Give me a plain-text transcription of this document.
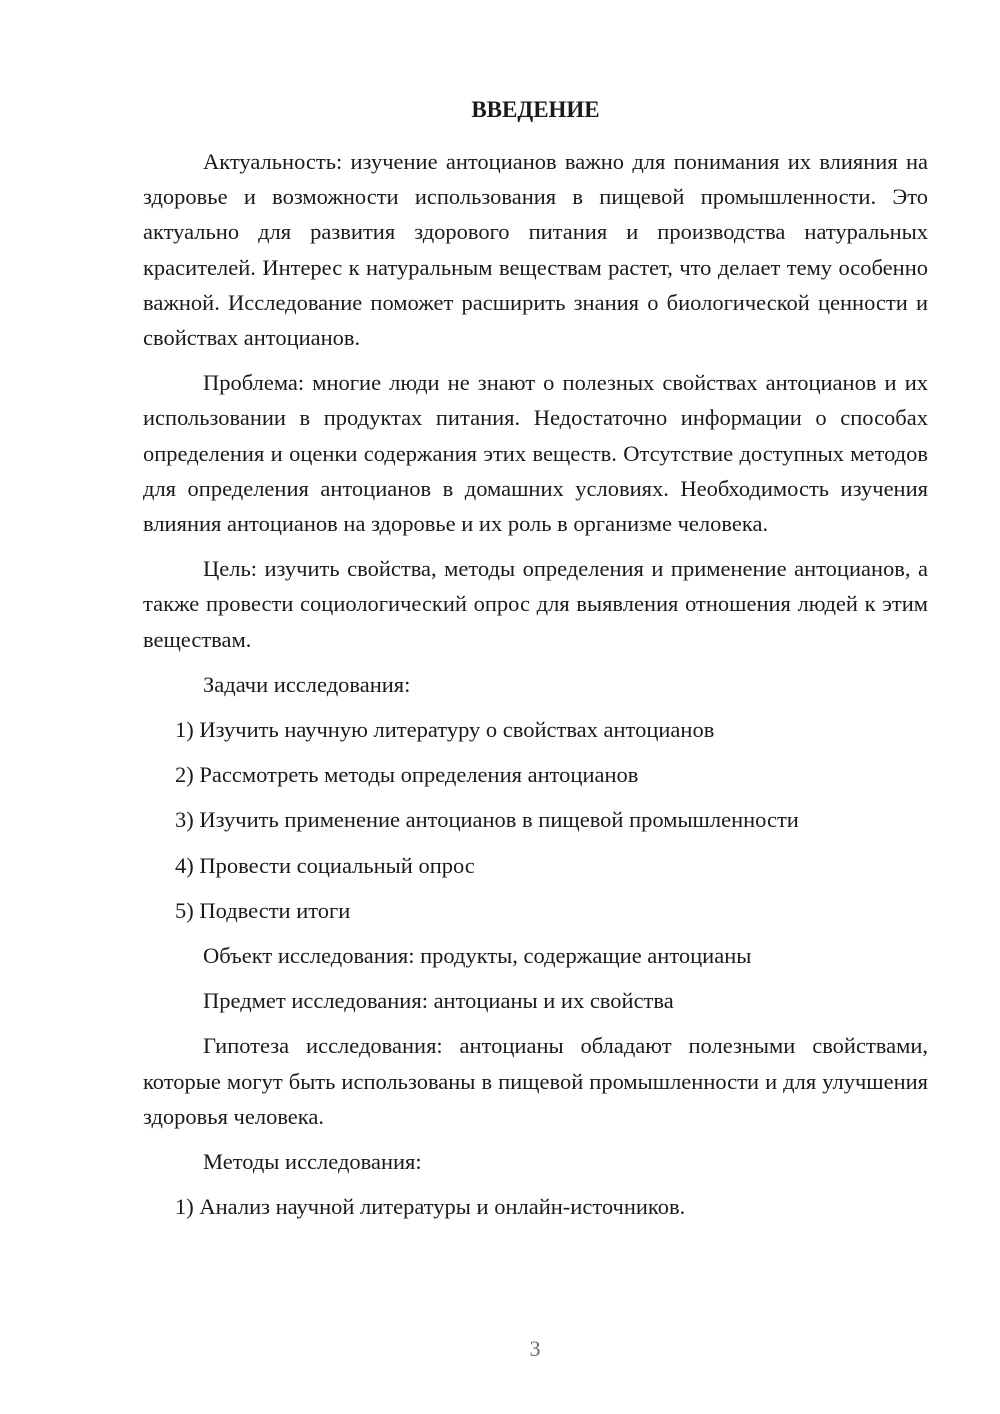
ВВЕДЕНИЕ

Актуальность: изучение антоцианов важно для понимания их влияния на здоровье и возможности использования в пищевой промышленности. Это актуально для развития здорового питания и производства натуральных красителей. Интерес к натуральным веществам растет, что делает тему особенно важной. Исследование поможет расширить знания о биологической ценности и свойствах антоцианов.

Проблема: многие люди не знают о полезных свойствах антоцианов и их использовании в продуктах питания. Недостаточно информации о способах определения и оценки содержания этих веществ. Отсутствие доступных методов для определения антоцианов в домашних условиях. Необходимость изучения влияния антоцианов на здоровье и их роль в организме человека.

Цель: изучить свойства, методы определения и применение антоцианов, а также провести социологический опрос для выявления отношения людей к этим веществам.

Задачи исследования:
1) Изучить научную литературу о свойствах антоцианов
2) Рассмотреть методы определения антоцианов
3) Изучить применение антоцианов в пищевой промышленности
4) Провести социальный опрос
5) Подвести итоги
Объект исследования: продукты, содержащие антоцианы
Предмет исследования: антоцианы и их свойства

Гипотеза исследования: антоцианы обладают полезными свойствами, которые могут быть использованы в пищевой промышленности и для улучшения здоровья человека.

Методы исследования:
1) Анализ научной литературы и онлайн-источников.
3
